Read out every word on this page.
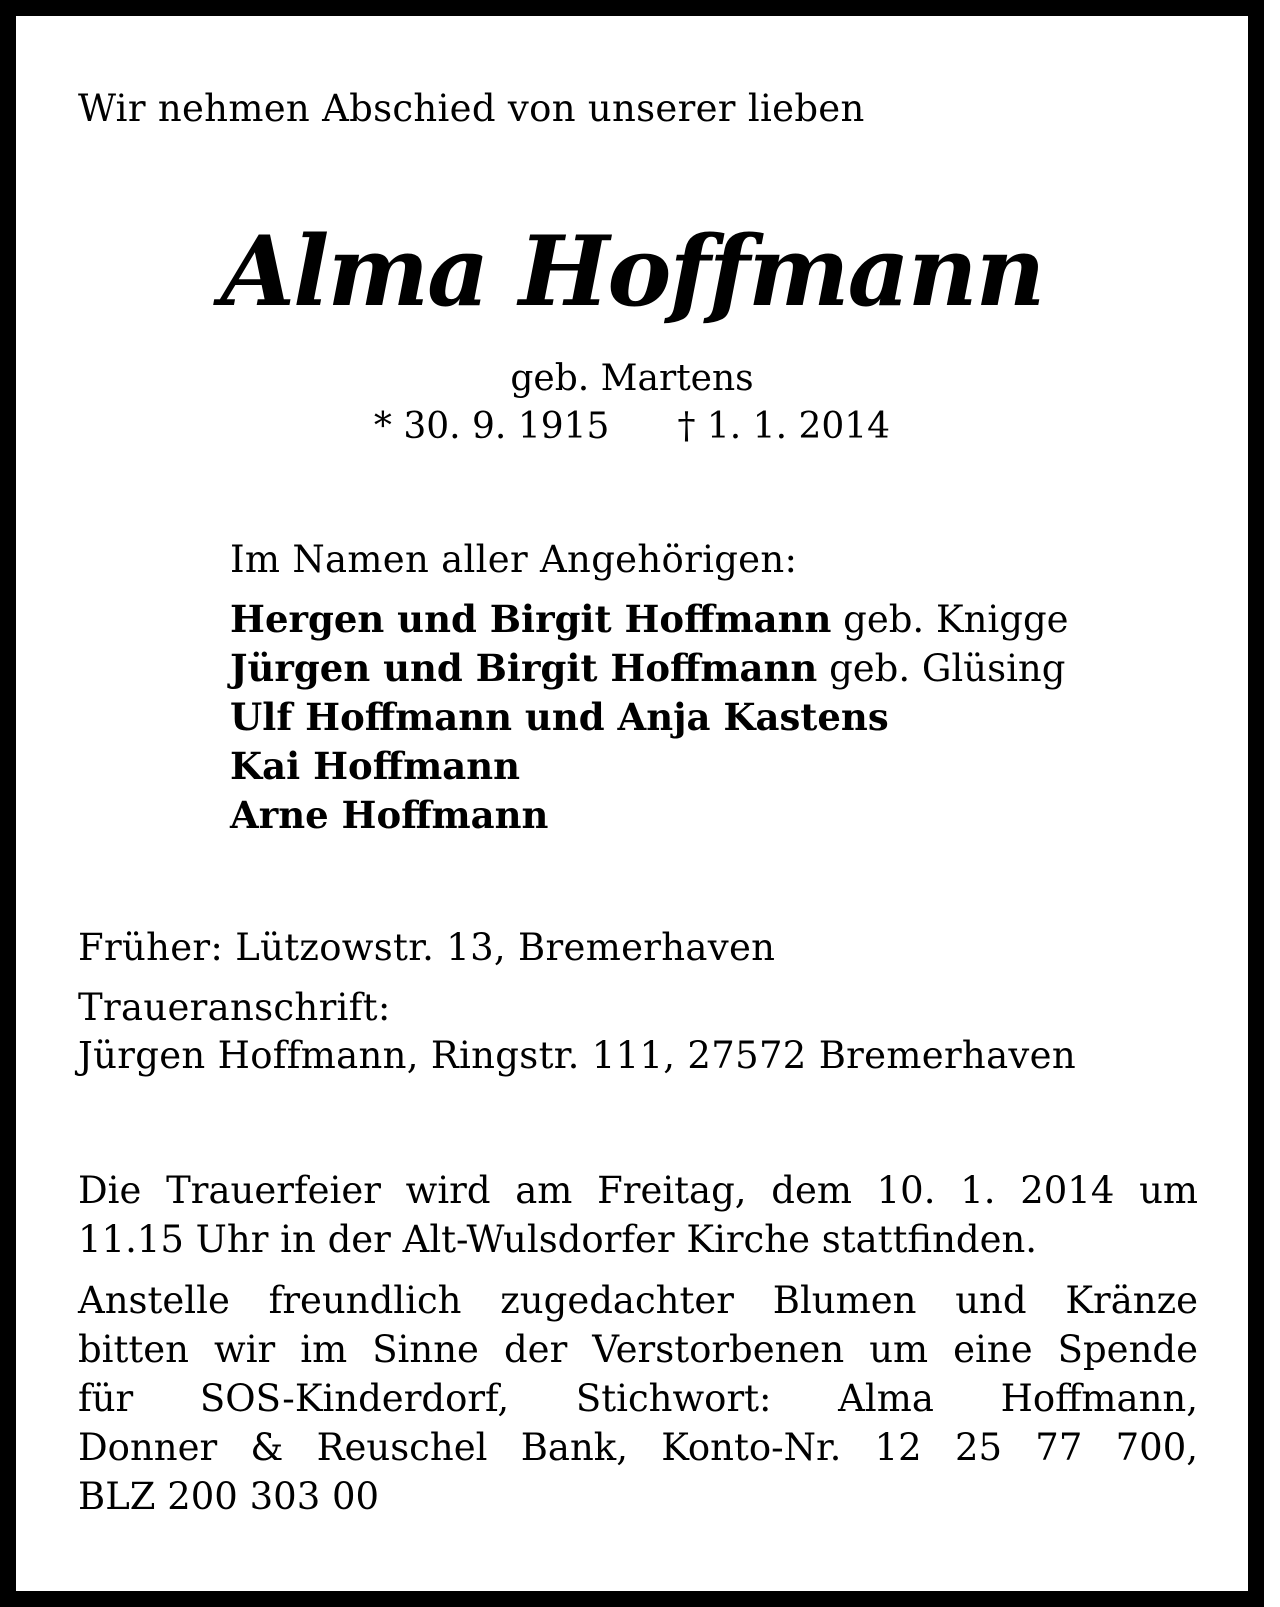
Wir nehmen Abschied von unserer lieben
Alma Hoffmann
geb. Martens
* 30. 9. 1915 † 1. 1. 2014
Im Namen aller Angehörigen:
Hergen und Birgit Hoffmann geb. Knigge
Jürgen und Birgit Hoffmann geb. Glüsing
Ulf Hoffmann und Anja Kastens
Kai Hoffmann
Arne Hoffmann
Früher: Lützowstr. 13, Bremerhaven
Traueranschrift:
Jürgen Hoffmann, Ringstr. 111, 27572 Bremerhaven
Die Trauerfeier wird am Freitag, dem 10. 1. 2014 um
11.15 Uhr in der Alt-Wulsdorfer Kirche stattfinden.
Anstelle freundlich zugedachter Blumen und Kränze
bitten wir im Sinne der Verstorbenen um eine Spende
für SOS-Kinderdorf, Stichwort: Alma Hoffmann,
Donner & Reuschel Bank, Konto-Nr. 12 25 77 700,
BLZ 200 303 00
